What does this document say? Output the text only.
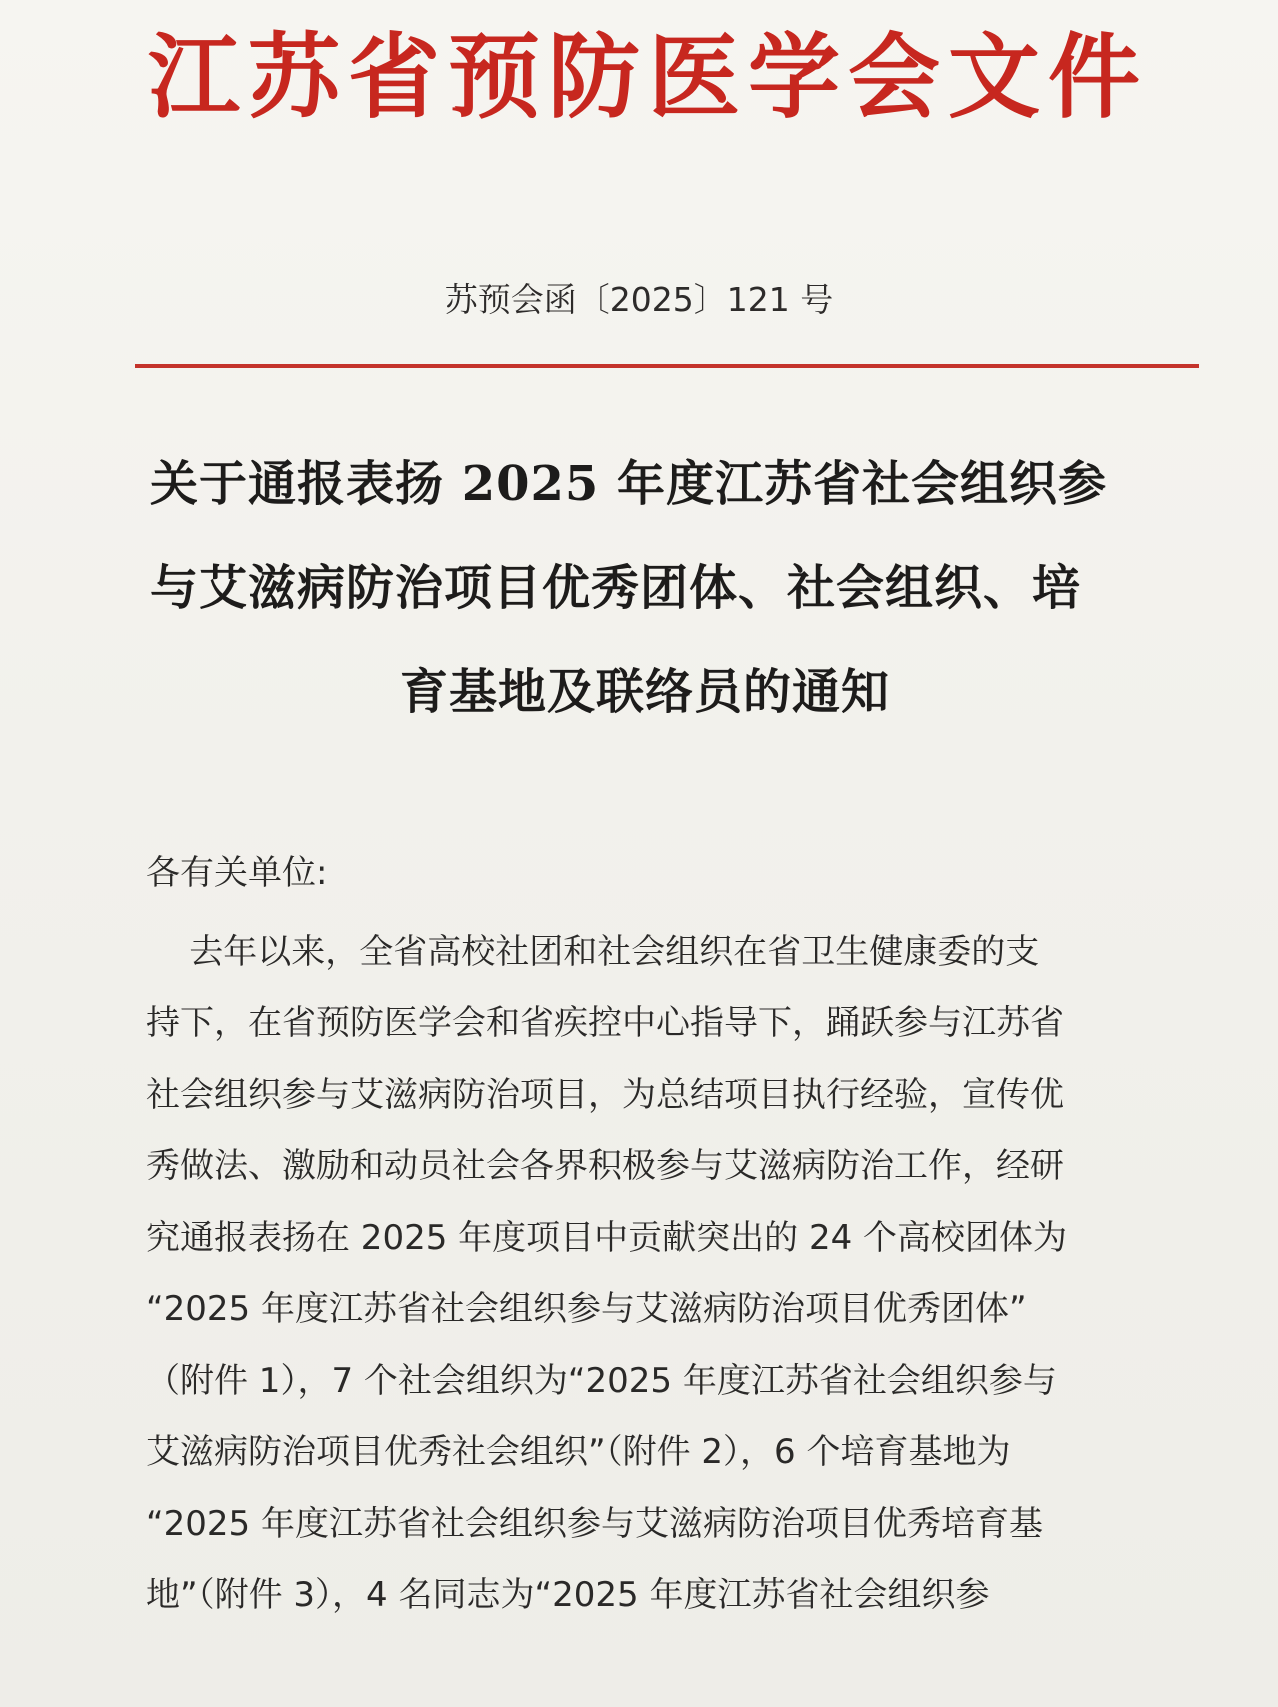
江苏省预防医学会文件
苏预会函〔2025〕121 号
关于通报表扬 2025 年度江苏省社会组织参
与艾滋病防治项目优秀团体、社会组织、培
育基地及联络员的通知
各有关单位:
去年以来，全省高校社团和社会组织在省卫生健康委的支
持下，在省预防医学会和省疾控中心指导下，踊跃参与江苏省
社会组织参与艾滋病防治项目，为总结项目执行经验，宣传优
秀做法、激励和动员社会各界积极参与艾滋病防治工作，经研
究通报表扬在 2025 年度项目中贡献突出的 24 个高校团体为
“2025 年度江苏省社会组织参与艾滋病防治项目优秀团体”
（附件 1），7 个社会组织为“2025 年度江苏省社会组织参与
艾滋病防治项目优秀社会组织”（附件 2），6 个培育基地为
“2025 年度江苏省社会组织参与艾滋病防治项目优秀培育基
地”（附件 3），4 名同志为“2025 年度江苏省社会组织参
